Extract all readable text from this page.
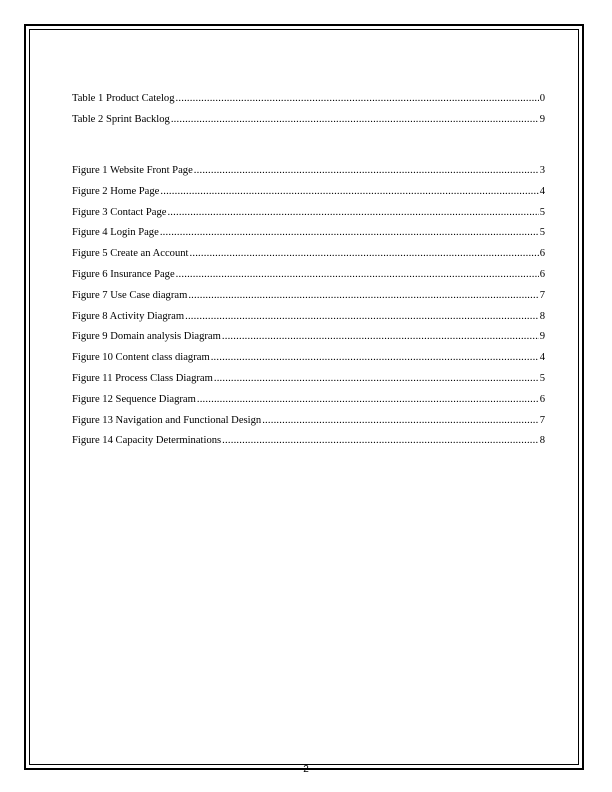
Table 1 Product Catelog .....	0
Table 2 Sprint Backlog .....	9
Figure 1 Website Front Page .....	3
Figure 2 Home Page .....	4
Figure 3 Contact Page .....	5
Figure 4 Login Page .....	5
Figure 5 Create an Account .....	6
Figure 6 Insurance Page .....	6
Figure 7 Use Case diagram .....	7
Figure 8 Activity Diagram .....	8
Figure 9 Domain analysis Diagram .....	9
Figure 10 Content class diagram .....	4
Figure 11 Process Class Diagram .....	5
Figure 12 Sequence Diagram .....	6
Figure 13 Navigation and Functional Design .....	7
Figure 14 Capacity Determinations .....	8
2
